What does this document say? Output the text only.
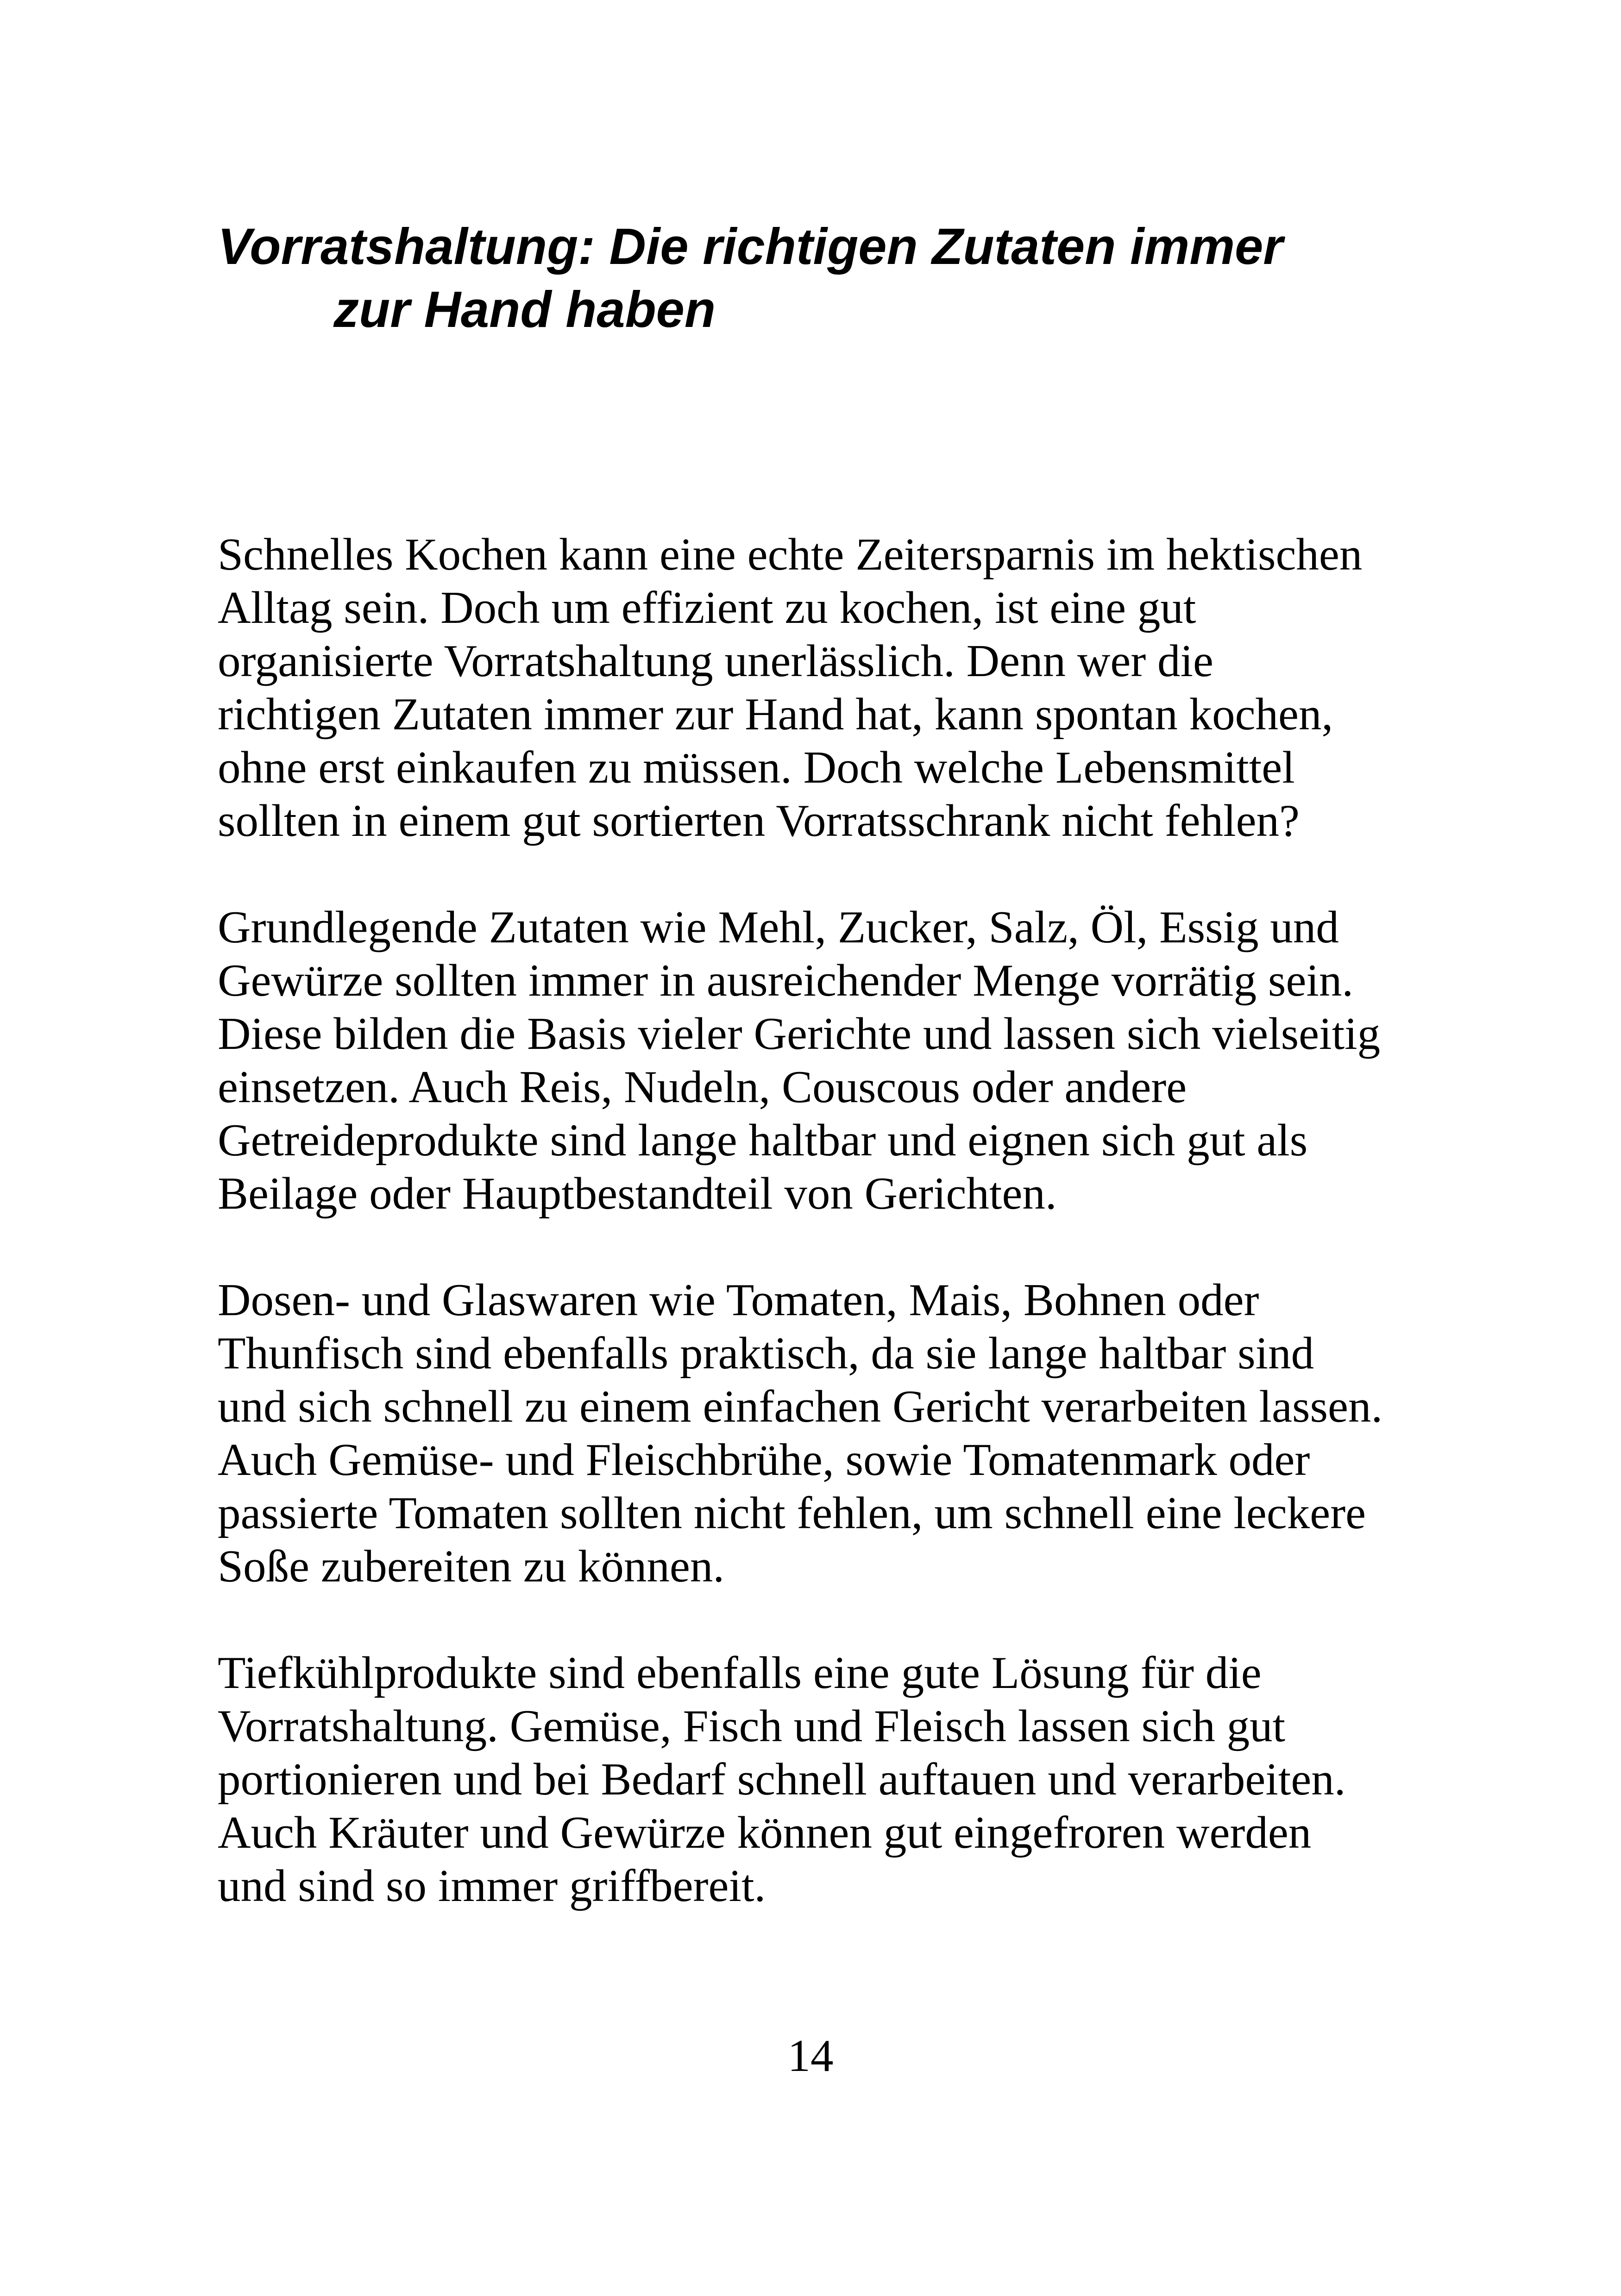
Vorratshaltung: Die richtigen Zutaten immer
zur Hand haben

Schnelles Kochen kann eine echte Zeitersparnis im hektischen
Alltag sein. Doch um effizient zu kochen, ist eine gut
organisierte Vorratshaltung unerlässlich. Denn wer die
richtigen Zutaten immer zur Hand hat, kann spontan kochen,
ohne erst einkaufen zu müssen. Doch welche Lebensmittel
sollten in einem gut sortierten Vorratsschrank nicht fehlen?

Grundlegende Zutaten wie Mehl, Zucker, Salz, Öl, Essig und
Gewürze sollten immer in ausreichender Menge vorrätig sein.
Diese bilden die Basis vieler Gerichte und lassen sich vielseitig
einsetzen. Auch Reis, Nudeln, Couscous oder andere
Getreideprodukte sind lange haltbar und eignen sich gut als
Beilage oder Hauptbestandteil von Gerichten.

Dosen- und Glaswaren wie Tomaten, Mais, Bohnen oder
Thunfisch sind ebenfalls praktisch, da sie lange haltbar sind
und sich schnell zu einem einfachen Gericht verarbeiten lassen.
Auch Gemüse- und Fleischbrühe, sowie Tomatenmark oder
passierte Tomaten sollten nicht fehlen, um schnell eine leckere
Soße zubereiten zu können.

Tiefkühlprodukte sind ebenfalls eine gute Lösung für die
Vorratshaltung. Gemüse, Fisch und Fleisch lassen sich gut
portionieren und bei Bedarf schnell auftauen und verarbeiten.
Auch Kräuter und Gewürze können gut eingefroren werden
und sind so immer griffbereit.

14
